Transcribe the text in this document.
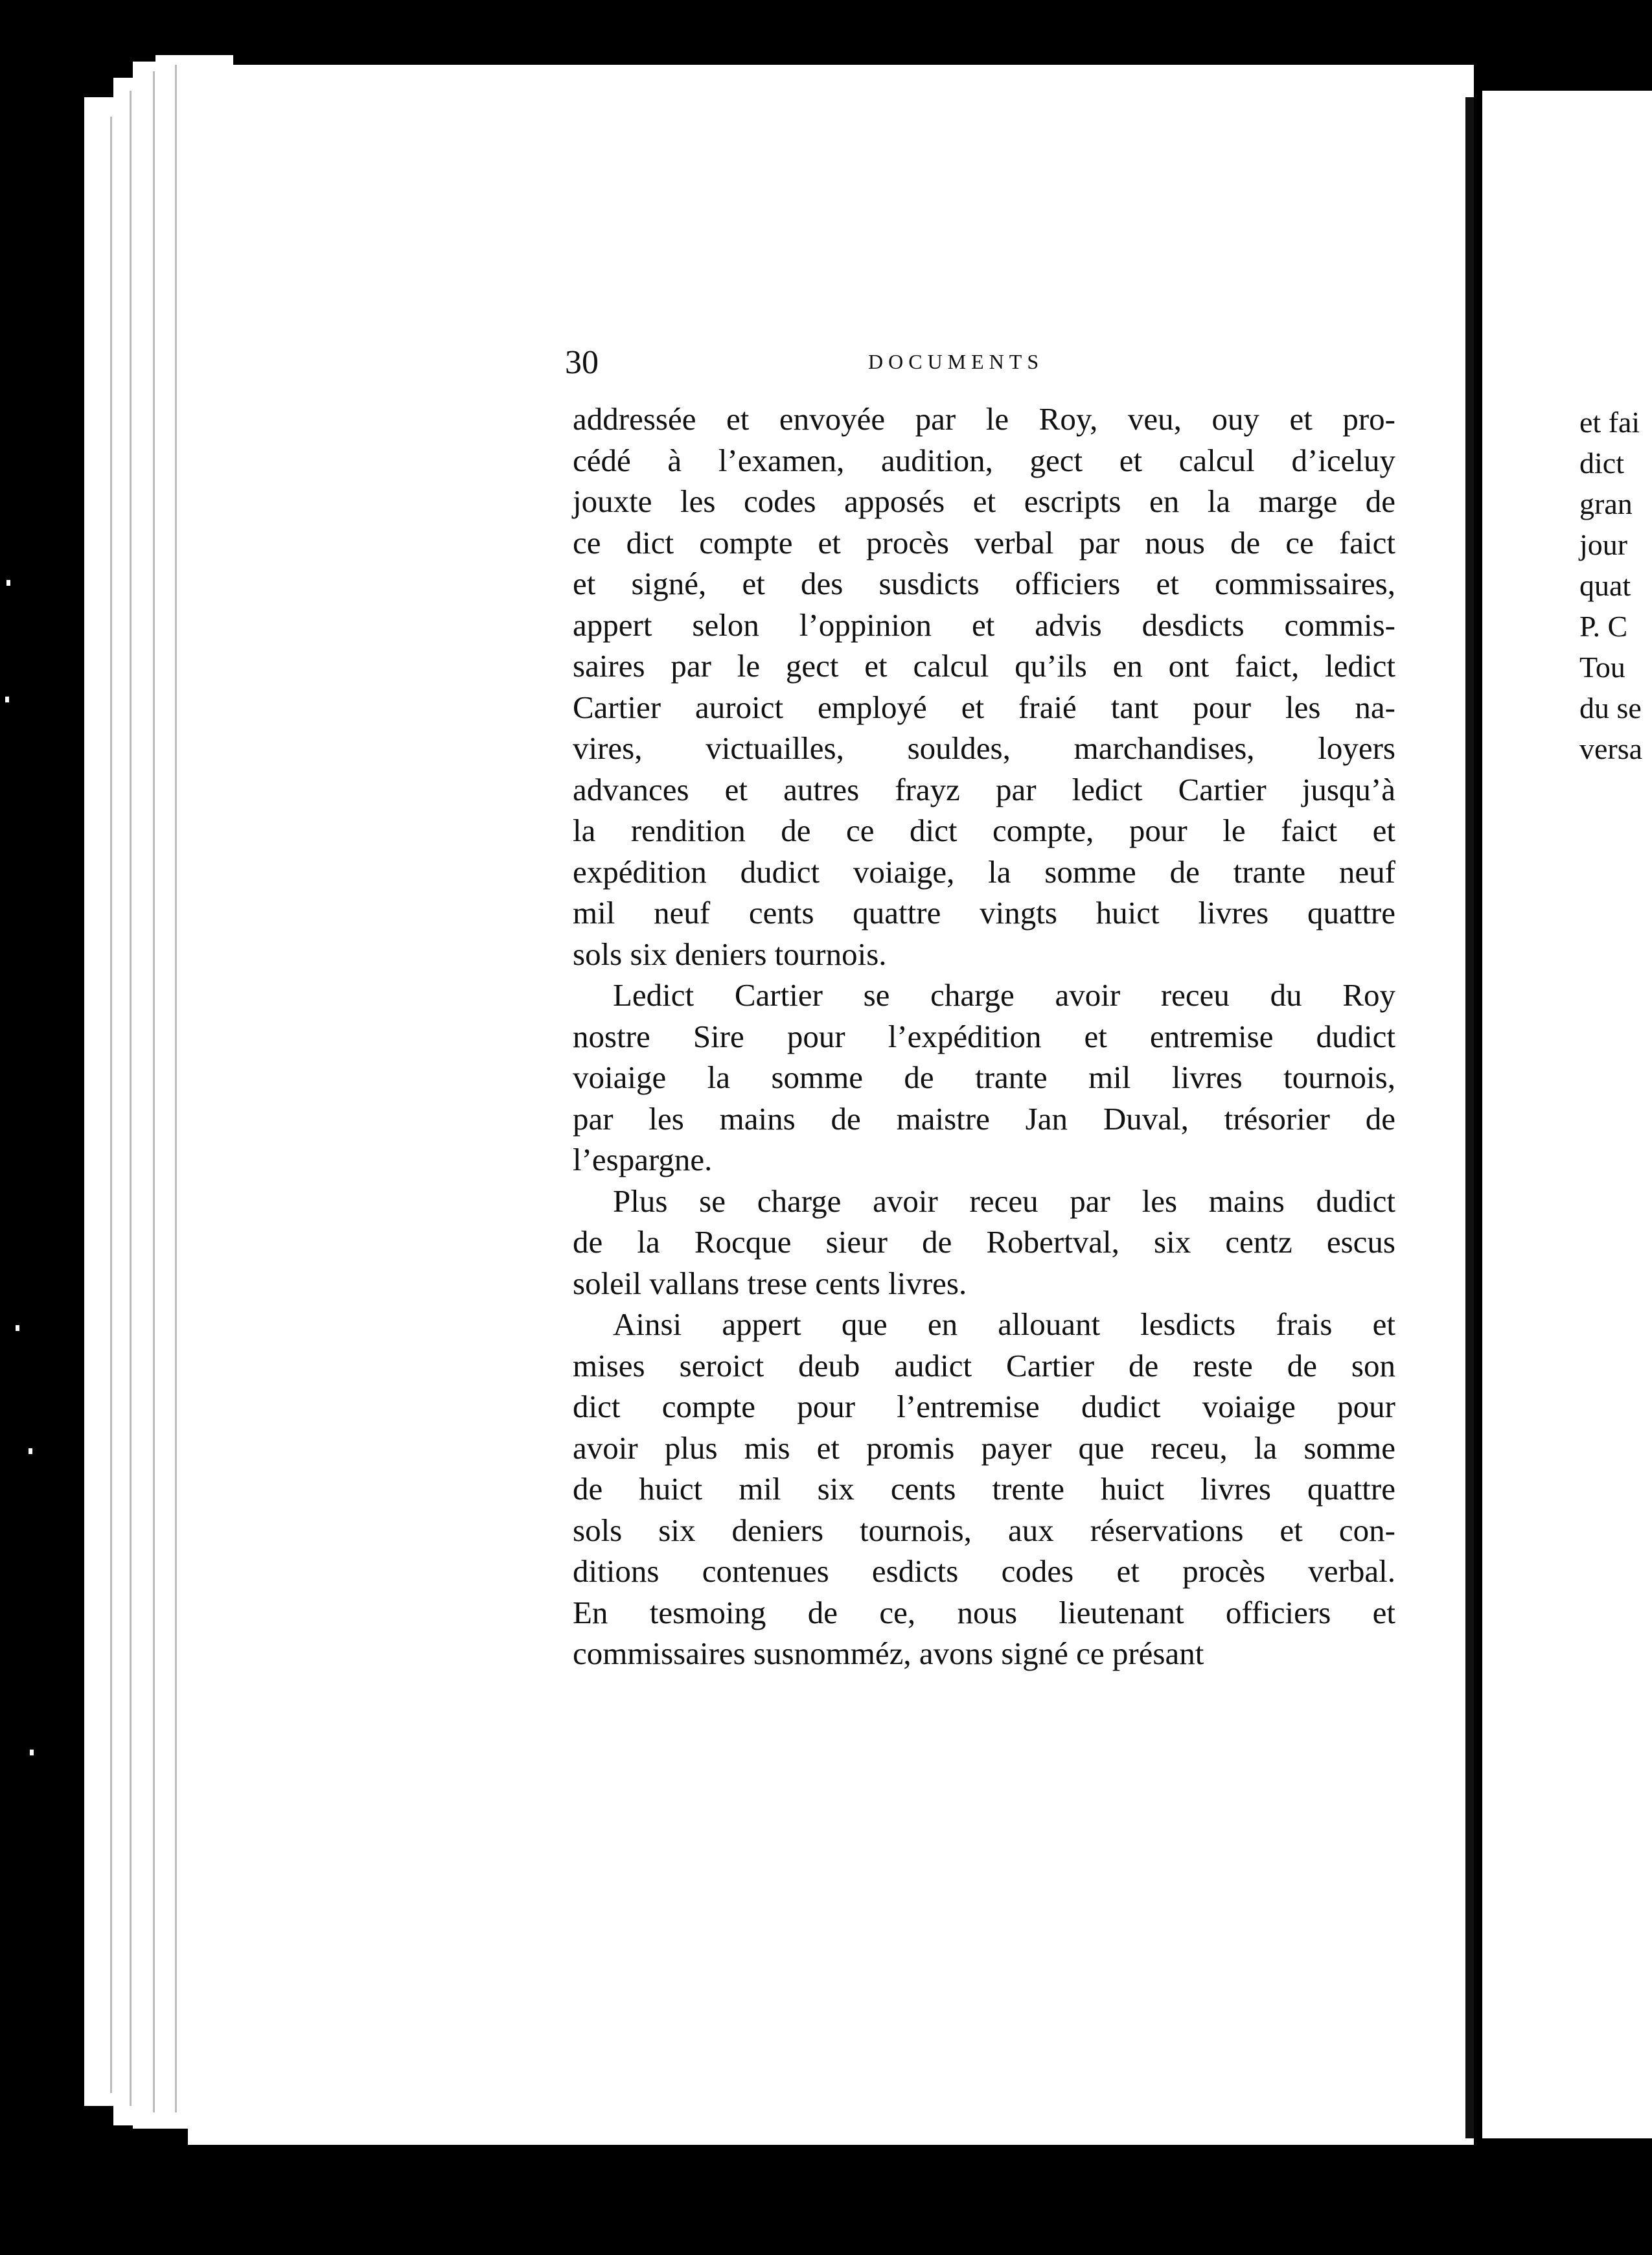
et fai
dict
gran
jour
quat
P. C
Tou
du se
versa
30	DOCUMENTS

addressée et envoyée par le Roy, veu, ouy et pro-
cédé à l’examen, audition, gect et calcul d’iceluy
jouxte les codes apposés et escripts en la marge de
ce dict compte et procès verbal par nous de ce faict
et signé, et des susdicts officiers et commissaires,
appert selon l’oppinion et advis desdicts commis-
saires par le gect et calcul qu’ils en ont faict, ledict
Cartier auroict employé et fraié tant pour les na-
vires, victuailles, souldes, marchandises, loyers
advances et autres frayz par ledict Cartier jusqu’à
la rendition de ce dict compte, pour le faict et
expédition dudict voiaige, la somme de trante neuf
mil neuf cents quattre vingts huict livres quattre
sols six deniers tournois.

Ledict Cartier se charge avoir receu du Roy
nostre Sire pour l’expédition et entremise dudict
voiaige la somme de trante mil livres tournois,
par les mains de maistre Jan Duval, trésorier de
l’espargne.

Plus se charge avoir receu par les mains dudict
de la Rocque sieur de Robertval, six centz escus
soleil vallans trese cents livres.

Ainsi appert que en allouant lesdicts frais et
mises seroict deub audict Cartier de reste de son
dict compte pour l’entremise dudict voiaige pour
avoir plus mis et promis payer que receu, la somme
de huict mil six cents trente huict livres quattre
sols six deniers tournois, aux réservations et con-
ditions contenues esdicts codes et procès verbal.
En tesmoing de ce, nous lieutenant officiers et
commissaires susnomméz, avons signé ce présant
